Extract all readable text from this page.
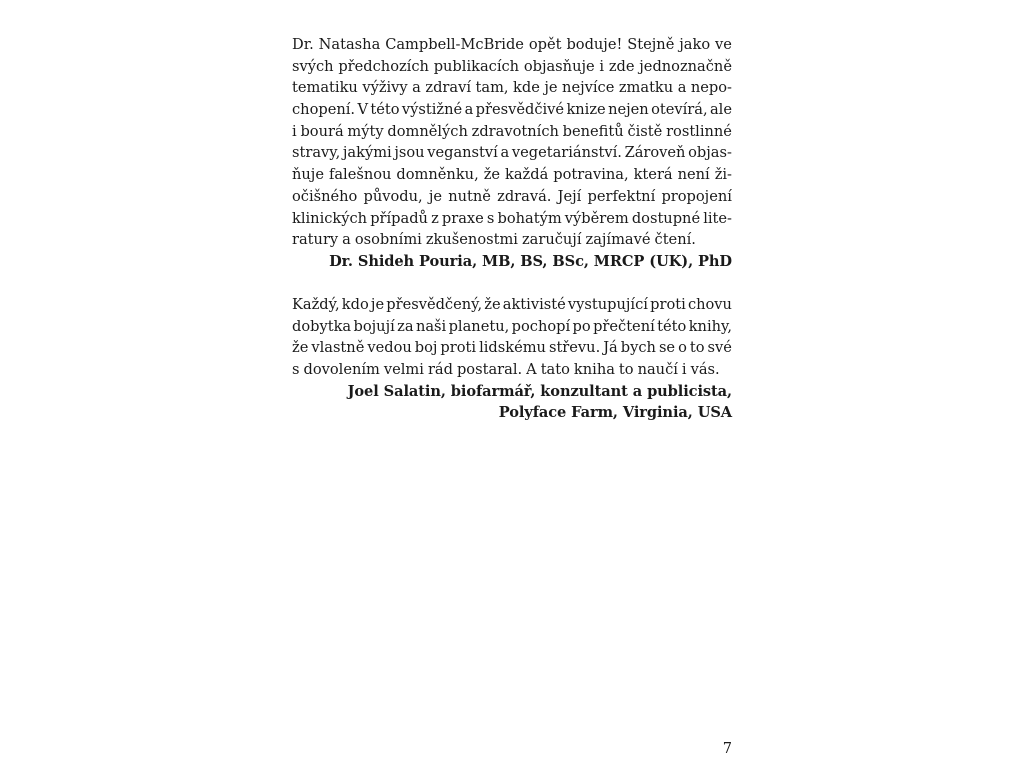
Dr. Natasha Campbell-McBride opět boduje! Stejně jako ve
svých předchozích publikacích objasňuje i zde jednoznačně
tematiku výživy a zdraví tam, kde je nejvíce zmatku a nepo-
chopení. V této výstižné a přesvědčivé knize nejen otevírá, ale
i bourá mýty domnělých zdravotních benefitů čistě rostlinné
stravy, jakými jsou veganství a vegetariánství. Zároveň objas-
ňuje falešnou domněnku, že každá potravina, která není ži-
očišného původu, je nutně zdravá. Její perfektní propojení
klinických případů z praxe s bohatým výběrem dostupné lite-
ratury a osobními zkušenostmi zaručují zajímavé čtení.
Dr. Shideh Pouria, MB, BS, BSc, MRCP (UK), PhD
Každý, kdo je přesvědčený, že aktivisté vystupující proti chovu
dobytka bojují za naši planetu, pochopí po přečtení této knihy,
že vlastně vedou boj proti lidskému střevu. Já bych se o to své
s dovolením velmi rád postaral. A tato kniha to naučí i vás.
Joel Salatin, biofarmář, konzultant a publicista,
Polyface Farm, Virginia, USA
7
